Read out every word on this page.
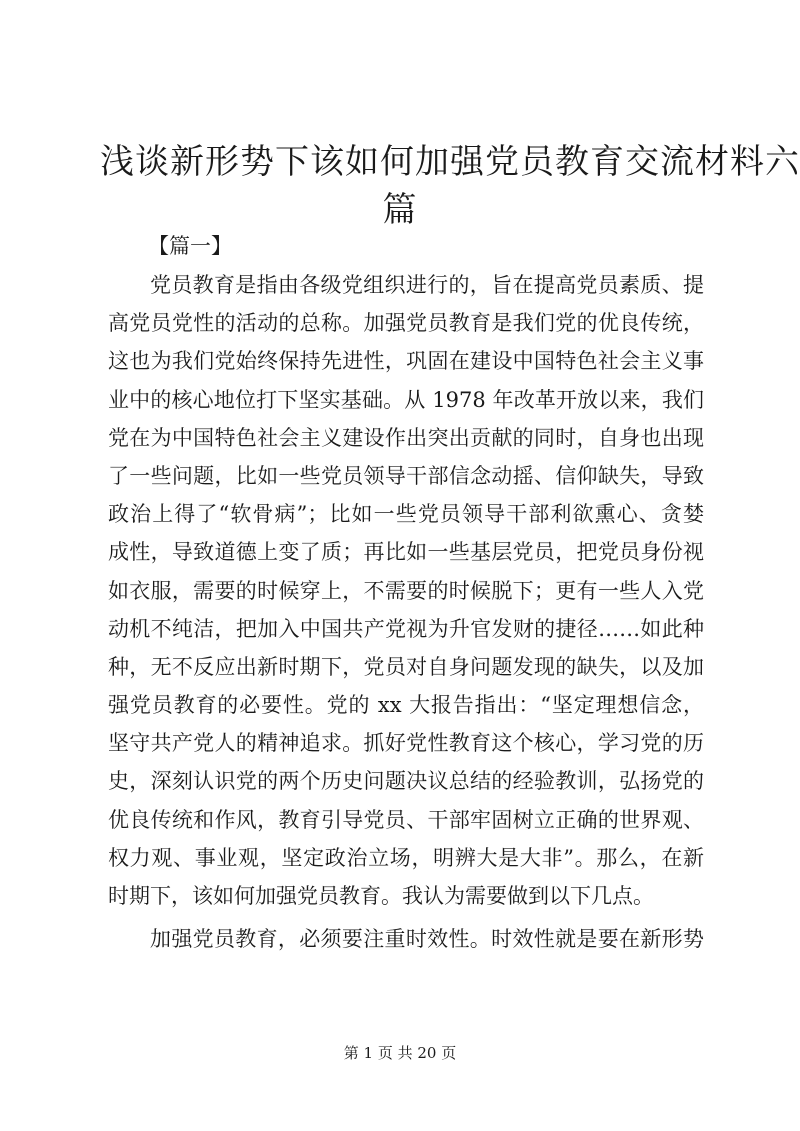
浅谈新形势下该如何加强党员教育交流材料六
篇

【篇一】

党员教育是指由各级党组织进行的，旨在提高党员素质、提
高党员党性的活动的总称。加强党员教育是我们党的优良传统，
这也为我们党始终保持先进性，巩固在建设中国特色社会主义事
业中的核心地位打下坚实基础。从 1978 年改革开放以来，我们
党在为中国特色社会主义建设作出突出贡献的同时，自身也出现
了一些问题，比如一些党员领导干部信念动摇、信仰缺失，导致
政治上得了“软骨病”；比如一些党员领导干部利欲熏心、贪婪
成性，导致道德上变了质；再比如一些基层党员，把党员身份视
如衣服，需要的时候穿上，不需要的时候脱下；更有一些人入党
动机不纯洁，把加入中国共产党视为升官发财的捷径……如此种
种，无不反应出新时期下，党员对自身问题发现的缺失，以及加
强党员教育的必要性。党的 xx 大报告指出：“坚定理想信念，
坚守共产党人的精神追求。抓好党性教育这个核心，学习党的历
史，深刻认识党的两个历史问题决议总结的经验教训，弘扬党的
优良传统和作风，教育引导党员、干部牢固树立正确的世界观、
权力观、事业观，坚定政治立场，明辨大是大非”。那么，在新
时期下，该如何加强党员教育。我认为需要做到以下几点。
加强党员教育，必须要注重时效性。时效性就是要在新形势

第 1 页 共 20 页
